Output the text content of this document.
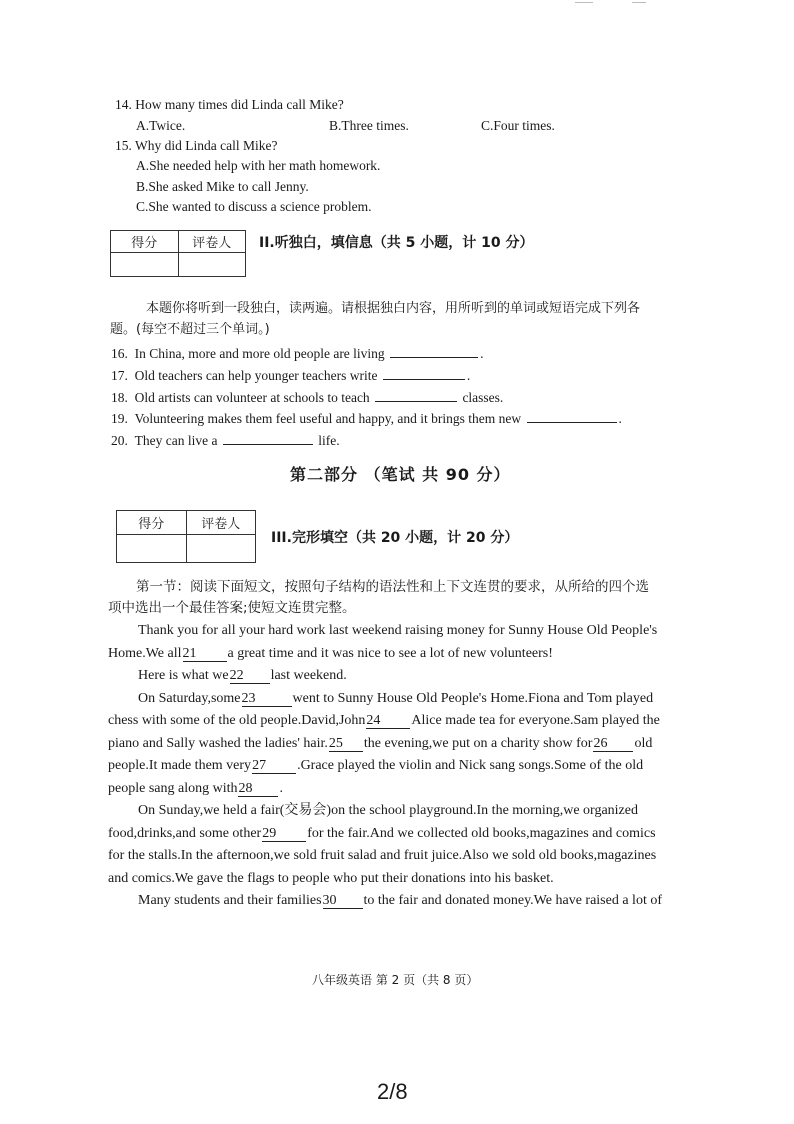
14. How many times did Linda call Mike?
A.Twice.	B.Three times.	C.Four times.
15. Why did Linda call Mike?
A.She needed help with her math homework.
B.She asked Mike to call Jenny.
C.She wanted to discuss a science problem.
得分	评卷人
	II.听独白，填信息（共 5 小题，计 10 分）
本题你将听到一段独白，读两遍。请根据独白内容，用所听到的单词或短语完成下列各
题。(每空不超过三个单词。)
16. In China, more and more old people are living	.
17. Old teachers can help younger teachers write	.
18. Old artists can volunteer at schools to teach	classes.
19. Volunteering makes them feel useful and happy, and it brings them new	.
20. They can live a	life.
第二部分 （笔试 共 90 分）
得分	评卷人

III.完形填空（共 20 小题，计 20 分）
第一节：阅读下面短文，按照句子结构的语法性和上下文连贯的要求，从所给的四个选
项中选出一个最佳答案;使短文连贯完整。
Thank you for all your hard work last weekend raising money for Sunny House Old People's
Home.We all21 a great time and it was nice to see a lot of new volunteers!
Here is what we22 last weekend.
On Saturday,some23	went to Sunny House Old People's Home.Fiona and Tom played
chess with some of the old people.David,John24 Alice made tea for everyone.Sam played the
piano and Sally washed the ladies' hair.25 the evening,we put on a charity show for26 old
people.It made them very27 .Grace played the violin and Nick sang songs.Some of the old
people sang along with28 .
On Sunday,we held a fair(交易会)on the school playground.In the morning,we organized
food,drinks,and some other29 for the fair.And we collected old books,magazines and comics
for the stalls.In the afternoon,we sold fruit salad and fruit juice.Also we sold old books,magazines
and comics.We gave the flags to people who put their donations into his basket.
Many students and their families30 to the fair and donated money.We have raised a lot of
八年级英语 第 2 页（共 8 页）
2/8
